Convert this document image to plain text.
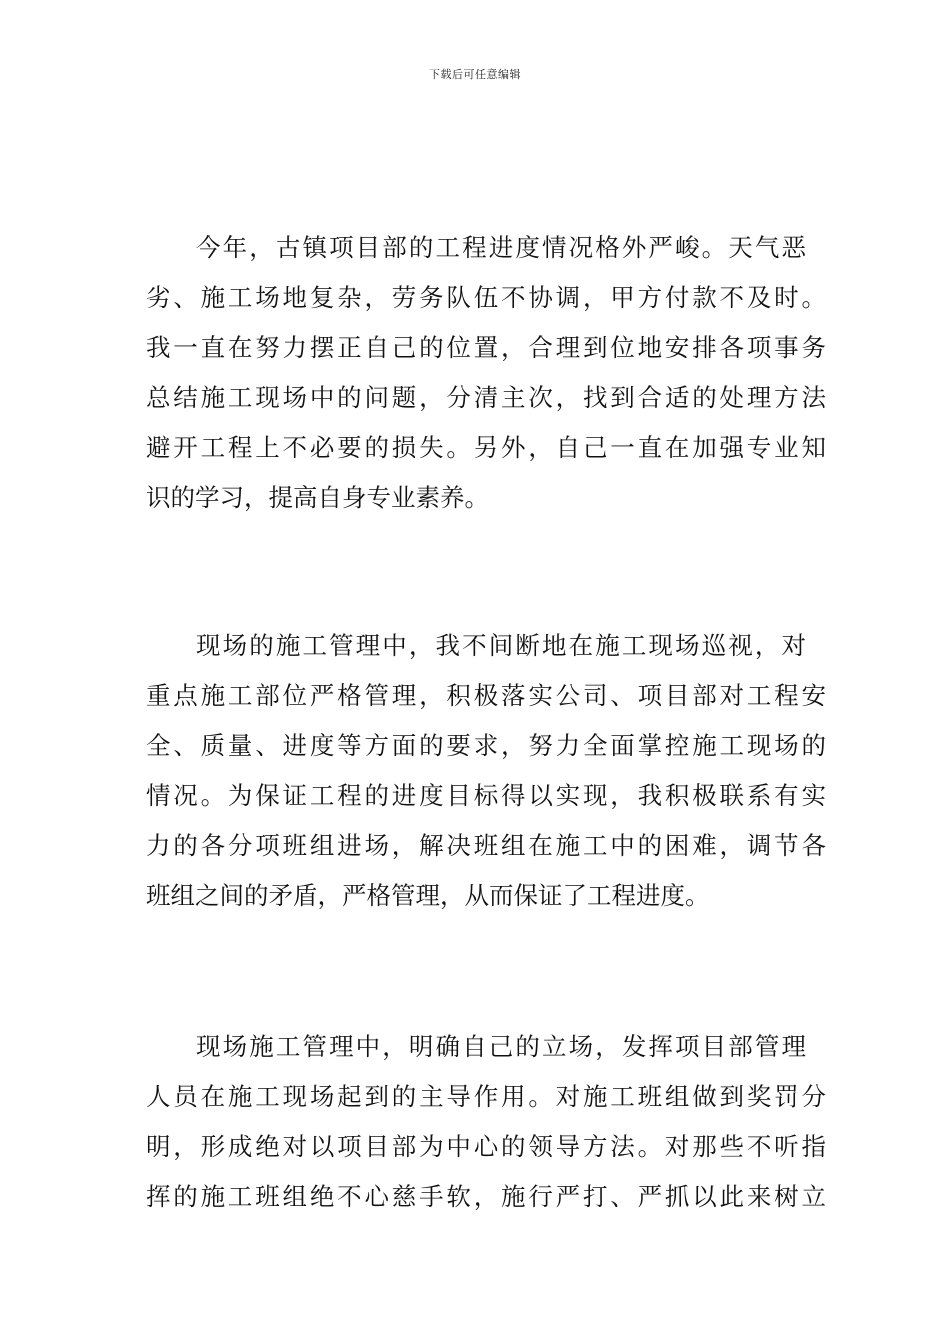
下载后可任意编辑
今年，古镇项目部的工程进度情况格外严峻。天气恶
劣、施工场地复杂，劳务队伍不协调，甲方付款不及时。
我一直在努力摆正自己的位置，合理到位地安排各项事务
总结施工现场中的问题，分清主次，找到合适的处理方法
避开工程上不必要的损失。另外，自己一直在加强专业知
识的学习，提高自身专业素养。
现场的施工管理中，我不间断地在施工现场巡视，对
重点施工部位严格管理，积极落实公司、项目部对工程安
全、质量、进度等方面的要求，努力全面掌控施工现场的
情况。为保证工程的进度目标得以实现，我积极联系有实
力的各分项班组进场，解决班组在施工中的困难，调节各
班组之间的矛盾，严格管理，从而保证了工程进度。
现场施工管理中，明确自己的立场，发挥项目部管理
人员在施工现场起到的主导作用。对施工班组做到奖罚分
明，形成绝对以项目部为中心的领导方法。对那些不听指
挥的施工班组绝不心慈手软，施行严打、严抓以此来树立
